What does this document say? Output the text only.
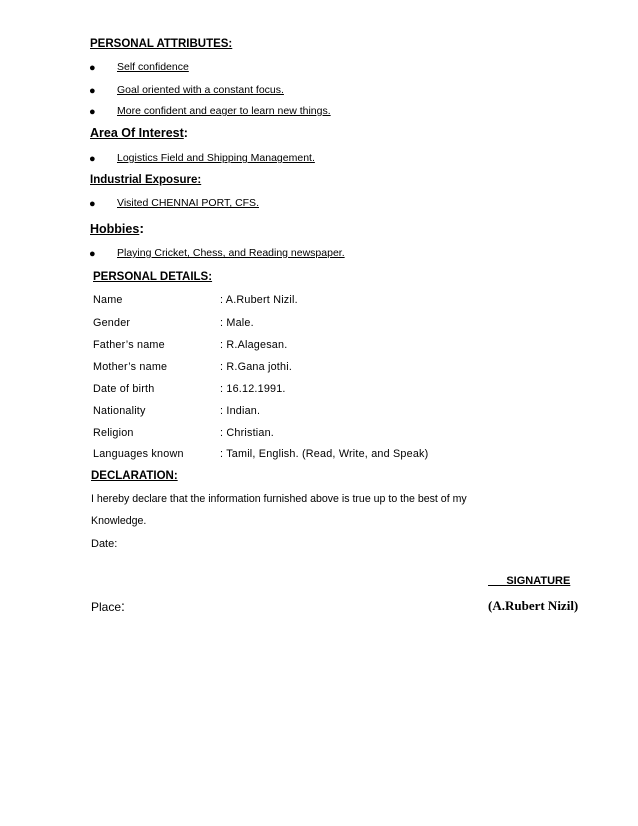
PERSONAL ATTRIBUTES:
● Self confidence
● Goal oriented with a constant focus.
● More confident and eager to learn new things.
Area Of Interest:
● Logistics Field and Shipping Management.
Industrial Exposure:
● Visited CHENNAI PORT, CFS.
Hobbies:
● Playing Cricket, Chess, and Reading newspaper.
PERSONAL DETAILS:
Name	: A.Rubert Nizil.
Gender	: Male.
Father’s name	: R.Alagesan.
Mother’s name	: R.Gana jothi.
Date of birth	: 16.12.1991.
Nationality	: Indian.
Religion	: Christian.
Languages known	: Tamil, English. (Read, Write, and Speak)
DECLARATION:
I hereby declare that the information furnished above is true up to the best of my
Knowledge.
Date:
SIGNATURE
Place:	(A.Rubert Nizil)
